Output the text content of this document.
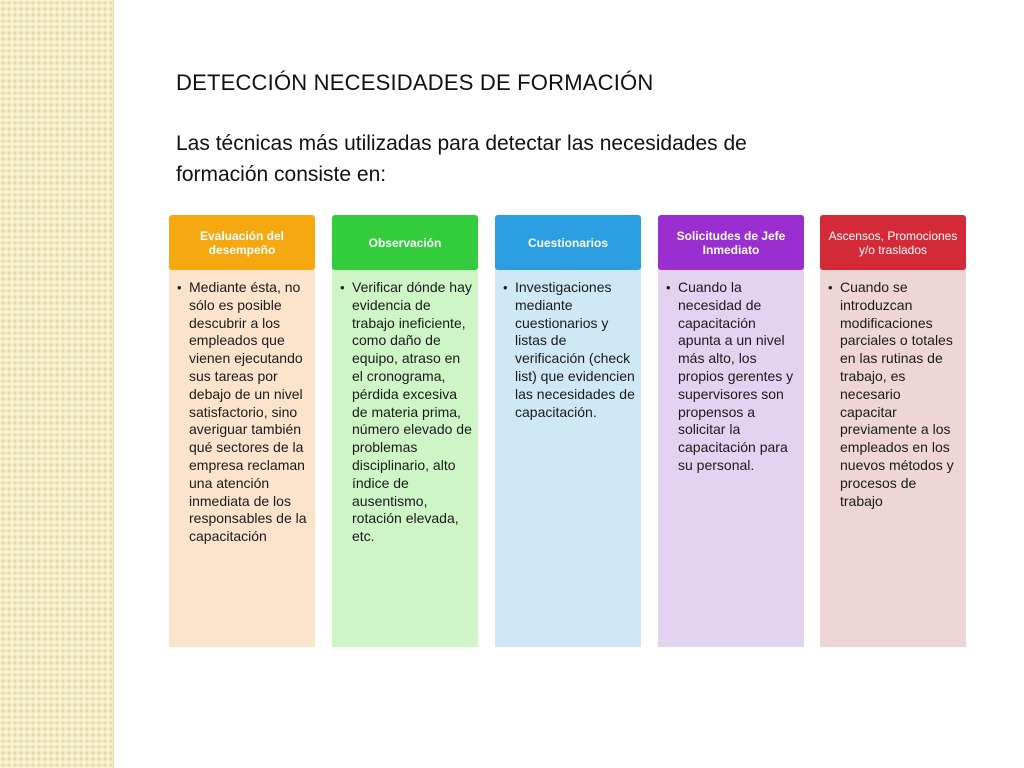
DETECCIÓN NECESIDADES DE FORMACIÓN

Las técnicas más utilizadas para detectar las necesidades de formación consiste en:

Evaluación del desempeño
• Mediante ésta, no sólo es posible descubrir a los empleados que vienen ejecutando sus tareas por debajo de un nivel satisfactorio, sino averiguar también qué sectores de la empresa reclaman una atención inmediata de los responsables de la capacitación
Observación
• Verificar dónde hay evidencia de trabajo ineficiente, como daño de equipo, atraso en el cronograma, pérdida excesiva de materia prima, número elevado de problemas disciplinario, alto índice de ausentismo, rotación elevada, etc.
Cuestionarios
• Investigaciones mediante cuestionarios y listas de verificación (check list) que evidencien las necesidades de capacitación.
Solicitudes de Jefe Inmediato
• Cuando la necesidad de capacitación apunta a un nivel más alto, los propios gerentes y supervisores son propensos a solicitar la capacitación para su personal.
Ascensos, Promociones y/o traslados
• Cuando se introduzcan modificaciones parciales o totales en las rutinas de trabajo, es necesario capacitar previamente a los empleados en los nuevos métodos y procesos de trabajo
